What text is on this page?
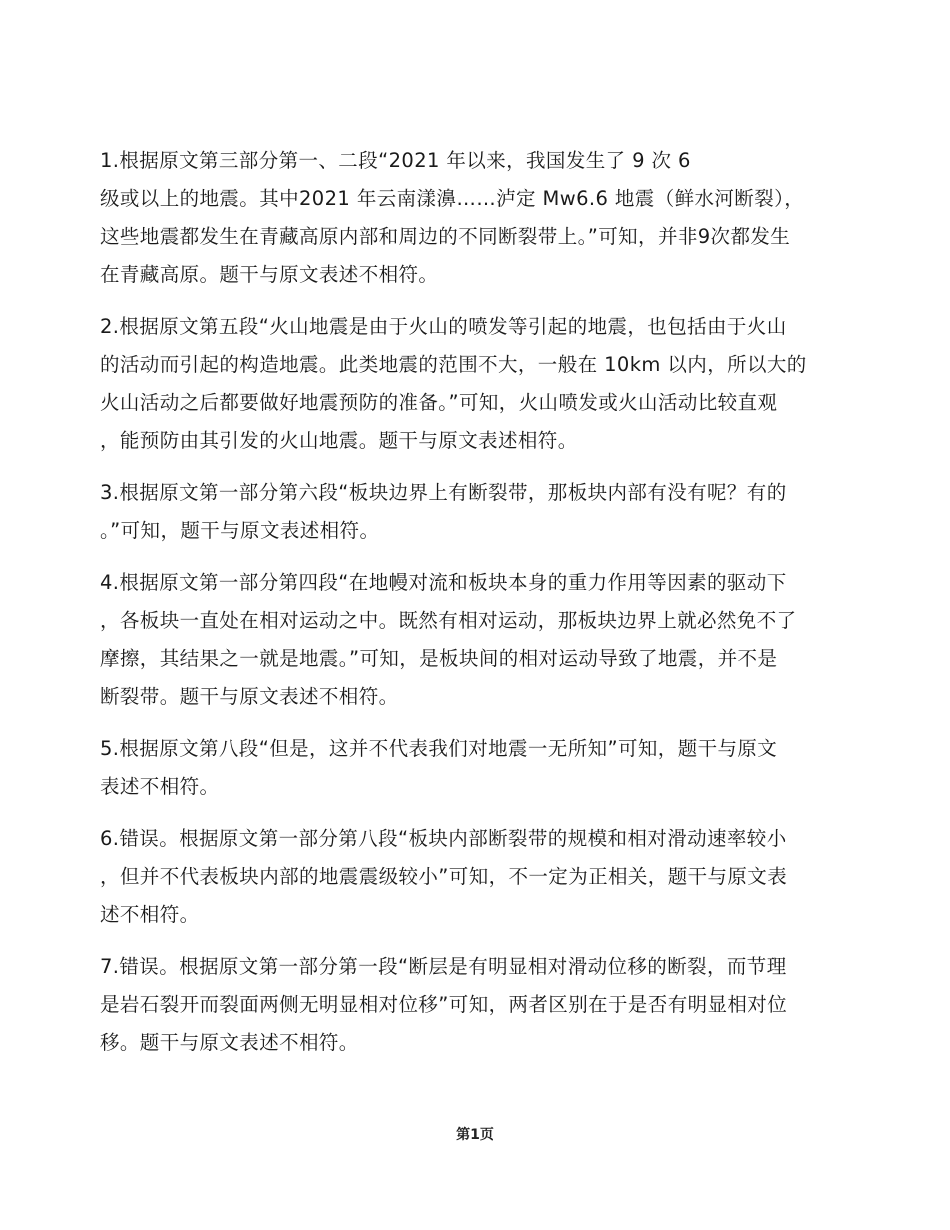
1.根据原文第三部分第一、二段“2021 年以来，我国发生了 9 次 6

级或以上的地震。其中2021 年云南漾濞……泸定 Mw6.6 地震（鲜水河断裂），

这些地震都发生在青藏高原内部和周边的不同断裂带上。”可知，并非9次都发生

在青藏高原。题干与原文表述不相符。

2.根据原文第五段“火山地震是由于火山的喷发等引起的地震，也包括由于火山

的活动而引起的构造地震。此类地震的范围不大，一般在 10km 以内，所以大的

火山活动之后都要做好地震预防的准备。”可知，火山喷发或火山活动比较直观

，能预防由其引发的火山地震。题干与原文表述相符。

3.根据原文第一部分第六段“板块边界上有断裂带，那板块内部有没有呢？有的

。”可知，题干与原文表述相符。

4.根据原文第一部分第四段“在地幔对流和板块本身的重力作用等因素的驱动下

，各板块一直处在相对运动之中。既然有相对运动，那板块边界上就必然免不了

摩擦，其结果之一就是地震。”可知，是板块间的相对运动导致了地震，并不是

断裂带。题干与原文表述不相符。

5.根据原文第八段“但是，这并不代表我们对地震一无所知”可知，题干与原文

表述不相符。

6.错误。根据原文第一部分第八段“板块内部断裂带的规模和相对滑动速率较小

，但并不代表板块内部的地震震级较小”可知，不一定为正相关，题干与原文表

述不相符。

7.错误。根据原文第一部分第一段“断层是有明显相对滑动位移的断裂，而节理

是岩石裂开而裂面两侧无明显相对位移”可知，两者区别在于是否有明显相对位

移。题干与原文表述不相符。

第1页
